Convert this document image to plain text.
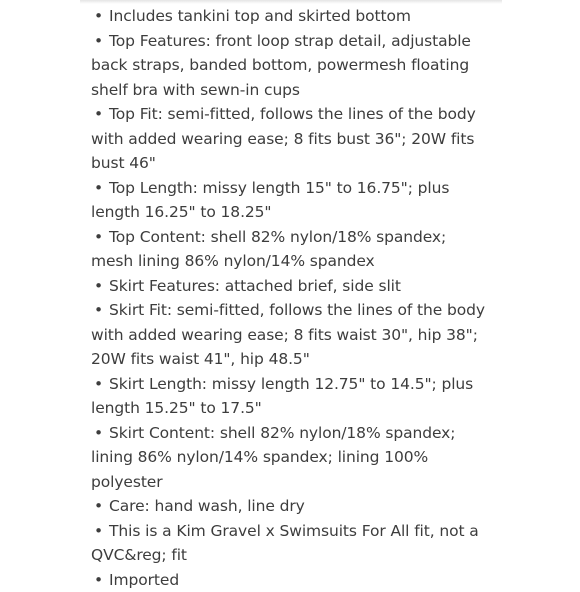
• Includes tankini top and skirted bottom
• Top Features: front loop strap detail, adjustable back straps, banded bottom, powermesh floating shelf bra with sewn-in cups
• Top Fit: semi-fitted, follows the lines of the body with added wearing ease; 8 fits bust 36"; 20W fits bust 46"
• Top Length: missy length 15" to 16.75"; plus length 16.25" to 18.25"
• Top Content: shell 82% nylon/18% spandex; mesh lining 86% nylon/14% spandex
• Skirt Features: attached brief, side slit
• Skirt Fit: semi-fitted, follows the lines of the body with added wearing ease; 8 fits waist 30", hip 38"; 20W fits waist 41", hip 48.5"
• Skirt Length: missy length 12.75" to 14.5"; plus length 15.25" to 17.5"
• Skirt Content: shell 82% nylon/18% spandex; lining 86% nylon/14% spandex; lining 100% polyester
• Care: hand wash, line dry
• This is a Kim Gravel x Swimsuits For All fit, not a QVC&reg; fit
• Imported
